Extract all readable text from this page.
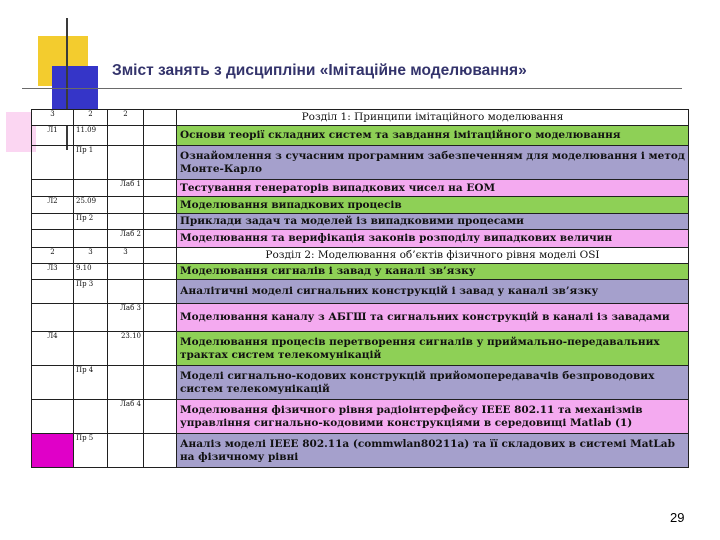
Зміст занять з дисципліни «Імітаційне моделювання»
3	2	2		Розділ 1: Принципи імітаційного моделювання
Л1	11.09			Основи теорії складних систем та завдання імітаційного моделювання
	Пр 1			Ознайомлення з сучасним програмним забезпеченням для моделювання і метод Монте-Карло
		Лаб 1		Тестування генераторів випадкових чисел на ЕОМ
Л2	25.09			Моделювання випадкових процесів
	Пр 2			Приклади задач та моделей із випадковими процесами
		Лаб 2		Моделювання та верифікація законів розподілу випадкових величин
2	3	3		Розділ 2: Моделювання об’єктів фізичного рівня моделі OSI
Л3	9.10			Моделювання сигналів і завад у каналі зв’язку
	Пр 3			Аналітичні моделі сигнальних конструкцій і завад у каналі зв’язку
		Лаб 3		Моделювання каналу з АБГШ та сигнальних конструкцій в каналі із завадами
Л4		23.10		Моделювання процесів перетворення сигналів у приймально-передавальних трактах систем телекомунікацій
	Пр 4			Моделі сигнально-кодових конструкцій прийомопередавачів безпроводових систем телекомунікацій
		Лаб 4		Моделювання фізичного рівня радіоінтерфейсу IEEE 802.11 та механізмів управління сигнально-кодовими конструкціями в середовищі Matlab (1)
	Пр 5			Аналіз моделі IEEE 802.11a (commwlan80211a) та її складових в системі MatLab на фізичному рівні
29
